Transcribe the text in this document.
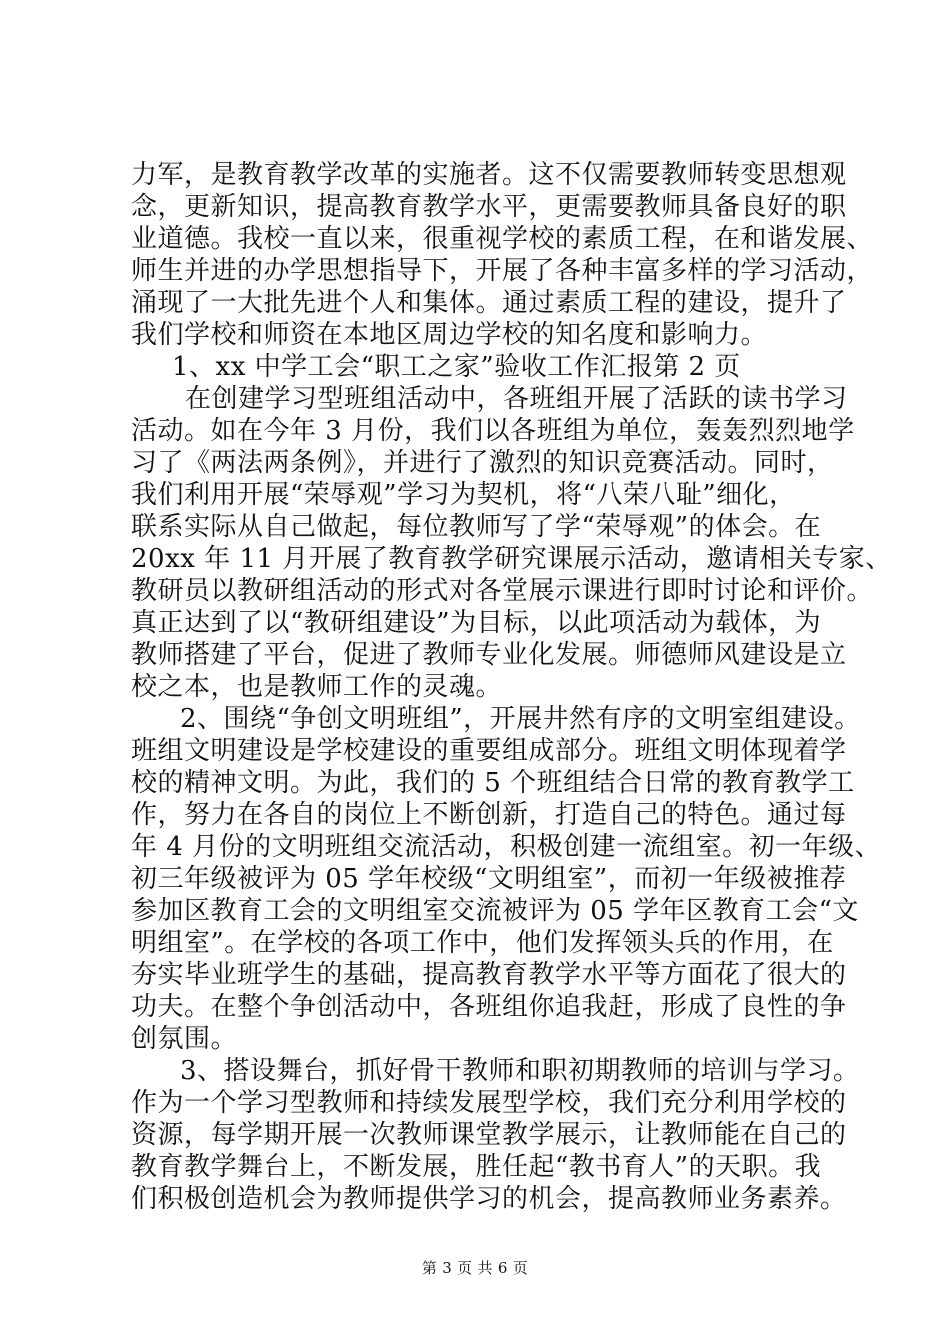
力军，是教育教学改革的实施者。这不仅需要教师转变思想观
念，更新知识，提高教育教学水平，更需要教师具备良好的职
业道德。我校一直以来，很重视学校的素质工程，在和谐发展、
师生并进的办学思想指导下，开展了各种丰富多样的学习活动，
涌现了一大批先进个人和集体。通过素质工程的建设，提升了
我们学校和师资在本地区周边学校的知名度和影响力。
1、xx 中学工会“职工之家”验收工作汇报第 2 页
在创建学习型班组活动中，各班组开展了活跃的读书学习
活动。如在今年 3 月份，我们以各班组为单位，轰轰烈烈地学
习了《两法两条例》，并进行了激烈的知识竞赛活动。同时，
我们利用开展“荣辱观”学习为契机，将“八荣八耻”细化，
联系实际从自己做起，每位教师写了学“荣辱观”的体会。在
20xx 年 11 月开展了教育教学研究课展示活动，邀请相关专家、
教研员以教研组活动的形式对各堂展示课进行即时讨论和评价。
真正达到了以“教研组建设”为目标，以此项活动为载体，为
教师搭建了平台，促进了教师专业化发展。师德师风建设是立
校之本，也是教师工作的灵魂。
2、围绕“争创文明班组”，开展井然有序的文明室组建设。
班组文明建设是学校建设的重要组成部分。班组文明体现着学
校的精神文明。为此，我们的 5 个班组结合日常的教育教学工
作，努力在各自的岗位上不断创新，打造自己的特色。通过每
年 4 月份的文明班组交流活动，积极创建一流组室。初一年级、
初三年级被评为 05 学年校级“文明组室”，而初一年级被推荐
参加区教育工会的文明组室交流被评为 05 学年区教育工会“文
明组室”。在学校的各项工作中，他们发挥领头兵的作用，在
夯实毕业班学生的基础，提高教育教学水平等方面花了很大的
功夫。在整个争创活动中，各班组你追我赶，形成了良性的争
创氛围。
3、搭设舞台，抓好骨干教师和职初期教师的培训与学习。
作为一个学习型教师和持续发展型学校，我们充分利用学校的
资源，每学期开展一次教师课堂教学展示，让教师能在自己的
教育教学舞台上，不断发展，胜任起“教书育人”的天职。我
们积极创造机会为教师提供学习的机会，提高教师业务素养。
第 3 页 共 6 页
